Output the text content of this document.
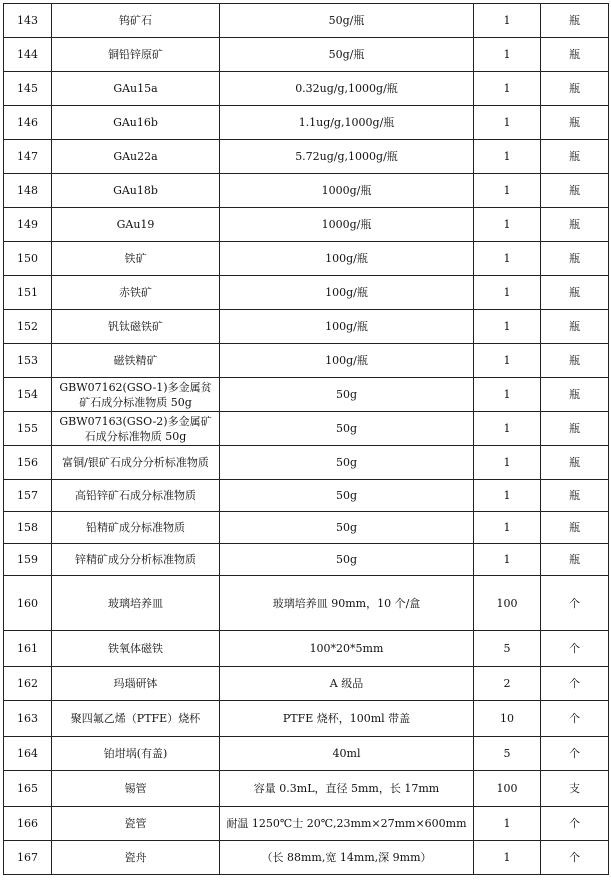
143	钨矿石	50g/瓶	1	瓶
144	铜铅锌原矿	50g/瓶	1	瓶
145	GAu15a	0.32ug/g,1000g/瓶	1	瓶
146	GAu16b	1.1ug/g,1000g/瓶	1	瓶
147	GAu22a	5.72ug/g,1000g/瓶	1	瓶
148	GAu18b	1000g/瓶	1	瓶
149	GAu19	1000g/瓶	1	瓶
150	铁矿	100g/瓶	1	瓶
151	赤铁矿	100g/瓶	1	瓶
152	钒钛磁铁矿	100g/瓶	1	瓶
153	磁铁精矿	100g/瓶	1	瓶
154	GBW07162(GSO-1)多金属贫矿石成分标准物质 50g	50g	1	瓶
155	GBW07163(GSO-2)多金属矿石成分标准物质 50g	50g	1	瓶
156	富铜/银矿石成分分析标准物质	50g	1	瓶
157	高铅锌矿石成分标准物质	50g	1	瓶
158	铅精矿成分标准物质	50g	1	瓶
159	锌精矿成分分析标准物质	50g	1	瓶
160	玻璃培养皿	玻璃培养皿 90mm，10 个/盒	100	个
161	铁氧体磁铁	100*20*5mm	5	个
162	玛瑙研钵	A 级品	2	个
163	聚四氟乙烯（PTFE）烧杯	PTFE 烧杯，100ml 带盖	10	个
164	铂坩埚(有盖)	40ml	5	个
165	锡管	容量 0.3mL，直径 5mm，长 17mm	100	支
166	瓷管	耐温 1250℃士 20℃,23mm×27mm×600mm	1	个
167	瓷舟	（长 88mm,宽 14mm,深 9mm）	1	个
